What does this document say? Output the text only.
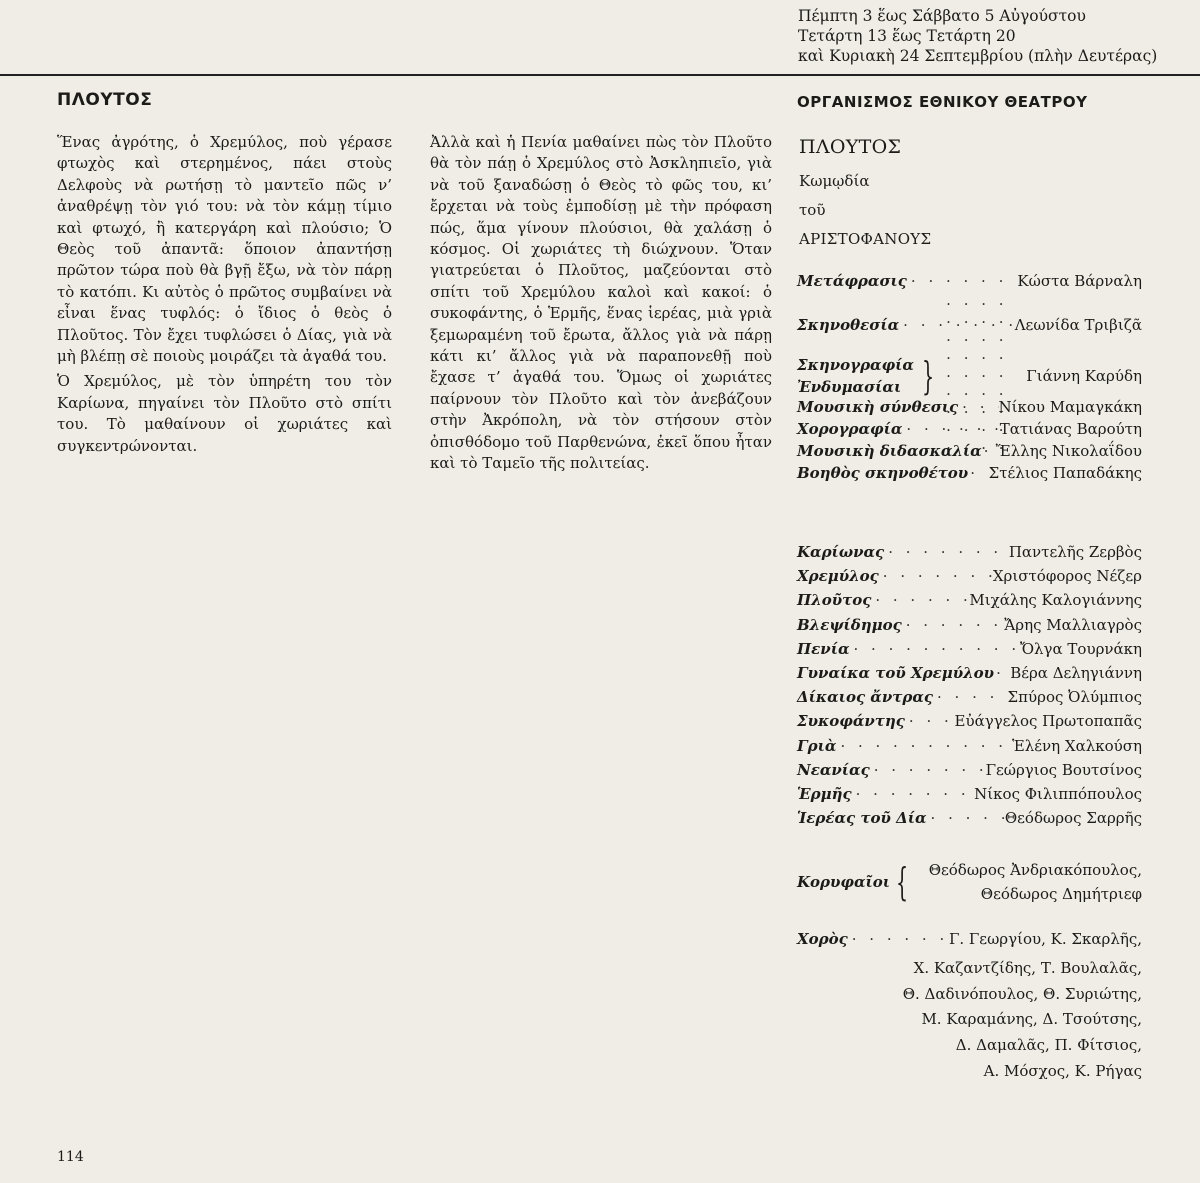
Πέμπτη 3 ἕως Σάββατο 5 Αὐγούστου
Τετάρτη 13 ἕως Τετάρτη 20
καὶ Κυριακὴ 24 Σεπτεμβρίου (πλὴν Δευτέρας)
ΠΛΟΥΤΟΣ	ΟΡΓΑΝΙΣΜΟΣ ΕΘΝΙΚΟΥ ΘΕΑΤΡΟΥ

Ἕνας ἀγρότης, ὁ Χρεμύλος, ποὺ γέρασε φτωχὸς καὶ στερημένος, πάει στοὺς Δελφοὺς νὰ ρωτήσῃ τὸ μαντεῖο πῶς ν’ ἀναθρέψῃ τὸν γιό του: νὰ τὸν κάμῃ τίμιο καὶ φτωχό, ἢ κατεργάρη καὶ πλούσιο; Ὁ Θεὸς τοῦ ἀπαντᾶ: ὅποιον ἀπαντήσῃ πρῶτον τώρα ποὺ θὰ βγῇ ἔξω, νὰ τὸν πάρῃ τὸ κατόπι. Κι αὐτὸς ὁ πρῶτος συμβαίνει νὰ εἶναι ἕνας τυφλός: ὁ ἴδιος ὁ θεὸς ὁ Πλοῦτος. Τὸν ἔχει τυφλώσει ὁ Δίας, γιὰ νὰ μὴ βλέπῃ σὲ ποιοὺς μοιράζει τὰ ἀγαθά του.

Ὁ Χρεμύλος, μὲ τὸν ὑπηρέτη του τὸν Καρίωνα, πηγαίνει τὸν Πλοῦτο στὸ σπίτι του. Τὸ μαθαίνουν οἱ χωριάτες καὶ συγκεντρώνονται.

Ἀλλὰ καὶ ἡ Πενία μαθαίνει πὼς τὸν Πλοῦτο θὰ τὸν πάῃ ὁ Χρεμύλος στὸ Ἀσκληπιεῖο, γιὰ νὰ τοῦ ξαναδώσῃ ὁ Θεὸς τὸ φῶς του, κι’ ἔρχεται νὰ τοὺς ἐμποδίσῃ μὲ τὴν πρόφαση πώς, ἅμα γίνουν πλούσιοι, θὰ χαλάσῃ ὁ κόσμος. Οἱ χωριάτες τὴ διώχνουν. Ὅταν γιατρεύεται ὁ Πλοῦτος, μαζεύονται στὸ σπίτι τοῦ Χρεμύλου καλοὶ καὶ κακοί: ὁ συκοφάντης, ὁ Ἑρμῆς, ἕνας ἱερέας, μιὰ γριὰ ξεμωραμένη τοῦ ἔρωτα, ἄλλος γιὰ νὰ πάρῃ κάτι κι’ ἄλλος γιὰ νὰ παραπονεθῇ ποὺ ἔχασε τ’ ἀγαθά του. Ὅμως οἱ χωριάτες παίρνουν τὸν Πλοῦτο καὶ τὸν ἀνεβάζουν στὴν Ἀκρόπολη, νὰ τὸν στήσουν στὸν ὀπισθόδομο τοῦ Παρθενώνα, ἐκεῖ ὅπου ἦταν καὶ τὸ Ταμεῖο τῆς πολιτείας.

ΠΛΟΥΤΟΣ
Κωμῳδία
τοῦ
ΑΡΙΣΤΟΦΑΝΟΥΣ
Μετάφρασις · · ·	Κώστα Βάρναλη
Σκηνοθεσία · · ·	Λεωνίδα Τριβιζᾶ
Σκηνογραφία
Ἐνδυμασίαι } · · ·	Γιάννη Καρύδη
Μουσικὴ σύνθεσις · · ·	Νίκου Μαμαγκάκη
Χορογραφία · · ·	Τατιάνας Βαρούτη
Μουσικὴ διδασκαλία · · · Ἔλλης Νικολαΐδου
Βοηθὸς σκηνοθέτου · · · Στέλιος Παπαδάκης
Καρίωνας · · ·	Παντελῆς Ζερβὸς
Χρεμύλος · · ·	Χριστόφορος Νέζερ
Πλοῦτος · · ·	Μιχάλης Καλογιάννης
Βλεψίδημος · · ·	Ἄρης Μαλλιαγρὸς
Πενία · · ·	Ὄλγα Τουρνάκη
Γυναίκα τοῦ Χρεμύλου · · · Βέρα Δεληγιάννη
Δίκαιος ἄντρας · · ·	Σπύρος Ὀλύμπιος
Συκοφάντης · · ·	Εὐάγγελος Πρωτοπαπᾶς
Γριὰ · · ·	Ἑλένη Χαλκούση
Νεανίας · · ·	Γεώργιος Βουτσίνος
Ἑρμῆς · · ·	Νίκος Φιλιππόπουλος
Ἱερέας τοῦ Δία · · ·	Θεόδωρος Σαρρῆς
Κορυφαῖοι { Θεόδωρος Ἀνδριακόπουλος,
Θεόδωρος Δημήτριεφ
Χορὸς · · ·	Γ. Γεωργίου, Κ. Σκαρλῆς,
Χ. Καζαντζίδης, Τ. Βουλαλᾶς,
Θ. Δαδινόπουλος, Θ. Συριώτης,
Μ. Καραμάνης, Δ. Τσούτσης,
Δ. Δαμαλᾶς, Π. Φίτσιος,
Α. Μόσχος, Κ. Ρήγας
114
